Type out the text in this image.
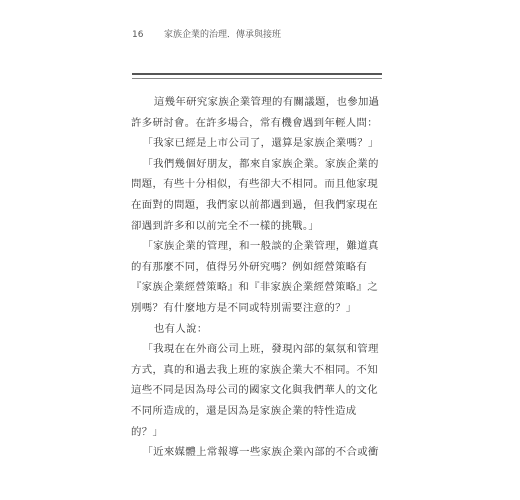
16 家族企業的治理．傳承與接班

這幾年研究家族企業管理的有關議題，也參加過許多研討會。在許多場合，常有機會遇到年輕人問：

「我家已經是上市公司了，還算是家族企業嗎？」

「我們幾個好朋友，都來自家族企業。家族企業的問題，有些十分相似，有些卻大不相同。而且他家現在面對的問題，我們家以前都遇到過，但我們家現在卻遇到許多和以前完全不一樣的挑戰。」

「家族企業的管理，和一般談的企業管理，難道真的有那麼不同，值得另外研究嗎？例如經營策略有『家族企業經營策略』和『非家族企業經營策略』之別嗎？有什麼地方是不同或特別需要注意的？」

也有人說：

「我現在在外商公司上班，發現內部的氣氛和管理方式，真的和過去我上班的家族企業大不相同。不知這些不同是因為母公司的國家文化與我們華人的文化不同所造成的，還是因為是家族企業的特性造成的？」

「近來媒體上常報導一些家族企業內部的不合或衝
